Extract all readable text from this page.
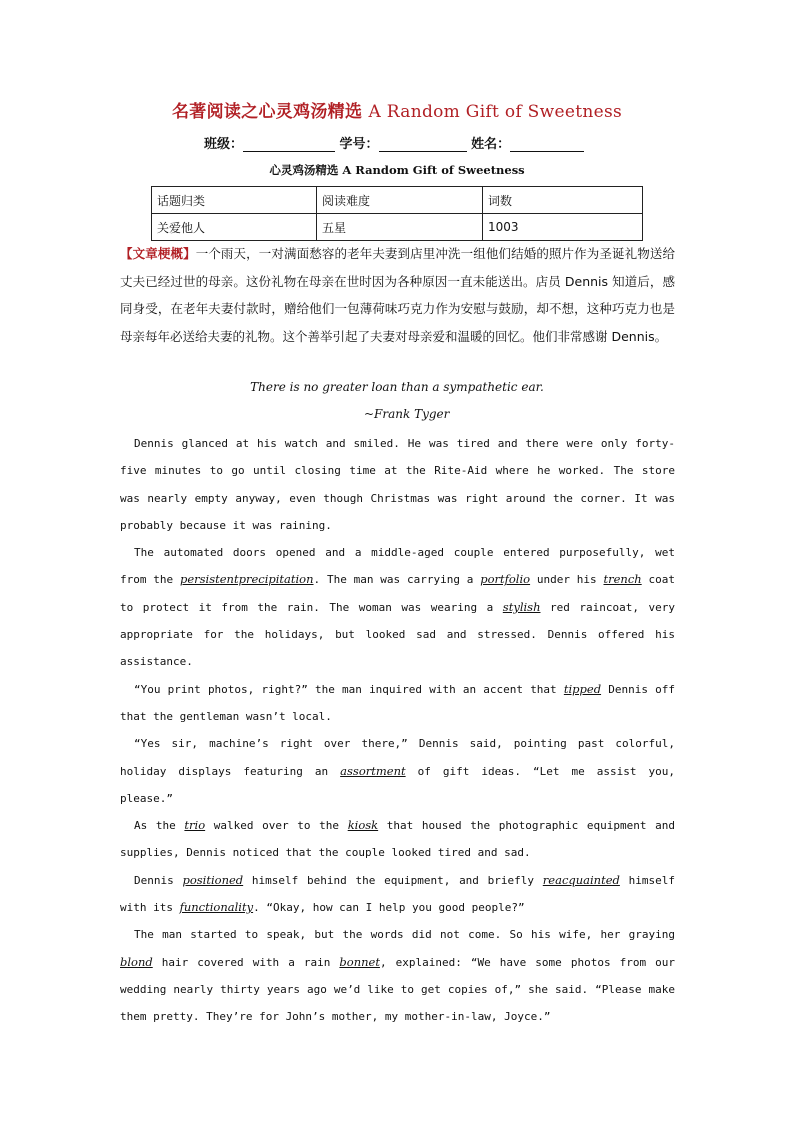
名著阅读之心灵鸡汤精选 A Random Gift of Sweetness
班级：	学号：	姓名：
心灵鸡汤精选 A Random Gift of Sweetness
话题归类	阅读难度	词数
关爱他人	五星	1003

【文章梗概】一个雨天，一对满面愁容的老年夫妻到店里冲洗一组他们结婚的照片作为圣诞礼物送给丈夫已经过世的母亲。这份礼物在母亲在世时因为各种原因一直未能送出。店员 Dennis 知道后，感同身受，在老年夫妻付款时，赠给他们一包薄荷味巧克力作为安慰与鼓励，却不想，这种巧克力也是母亲每年必送给夫妻的礼物。这个善举引起了夫妻对母亲爱和温暖的回忆。他们非常感谢 Dennis。

There is no greater loan than a sympathetic ear.
~Frank Tyger

Dennis glanced at his watch and smiled. He was tired and there were only forty-five minutes to go until closing time at the Rite-Aid where he worked. The store was nearly empty anyway, even though Christmas was right around the corner. It was probably because it was raining.

The automated doors opened and a middle-aged couple entered purposefully, wet from the persistentprecipitation. The man was carrying a portfolio under his trench coat to protect it from the rain. The woman was wearing a stylish red raincoat, very appropriate for the holidays, but looked sad and stressed. Dennis offered his assistance.

“You print photos, right?” the man inquired with an accent that tipped Dennis off that the gentleman wasn’t local.

“Yes sir, machine’s right over there,” Dennis said, pointing past colorful, holiday displays featuring an assortment of gift ideas. “Let me assist you, please.”

As the trio walked over to the kiosk that housed the photographic equipment and supplies, Dennis noticed that the couple looked tired and sad.

Dennis positioned himself behind the equipment, and briefly reacquainted himself with its functionality. “Okay, how can I help you good people?”

The man started to speak, but the words did not come. So his wife, her graying blond hair covered with a rain bonnet, explained: “We have some photos from our wedding nearly thirty years ago we’d like to get copies of,” she said. “Please make them pretty. They’re for John’s mother, my mother-in-law, Joyce.”
